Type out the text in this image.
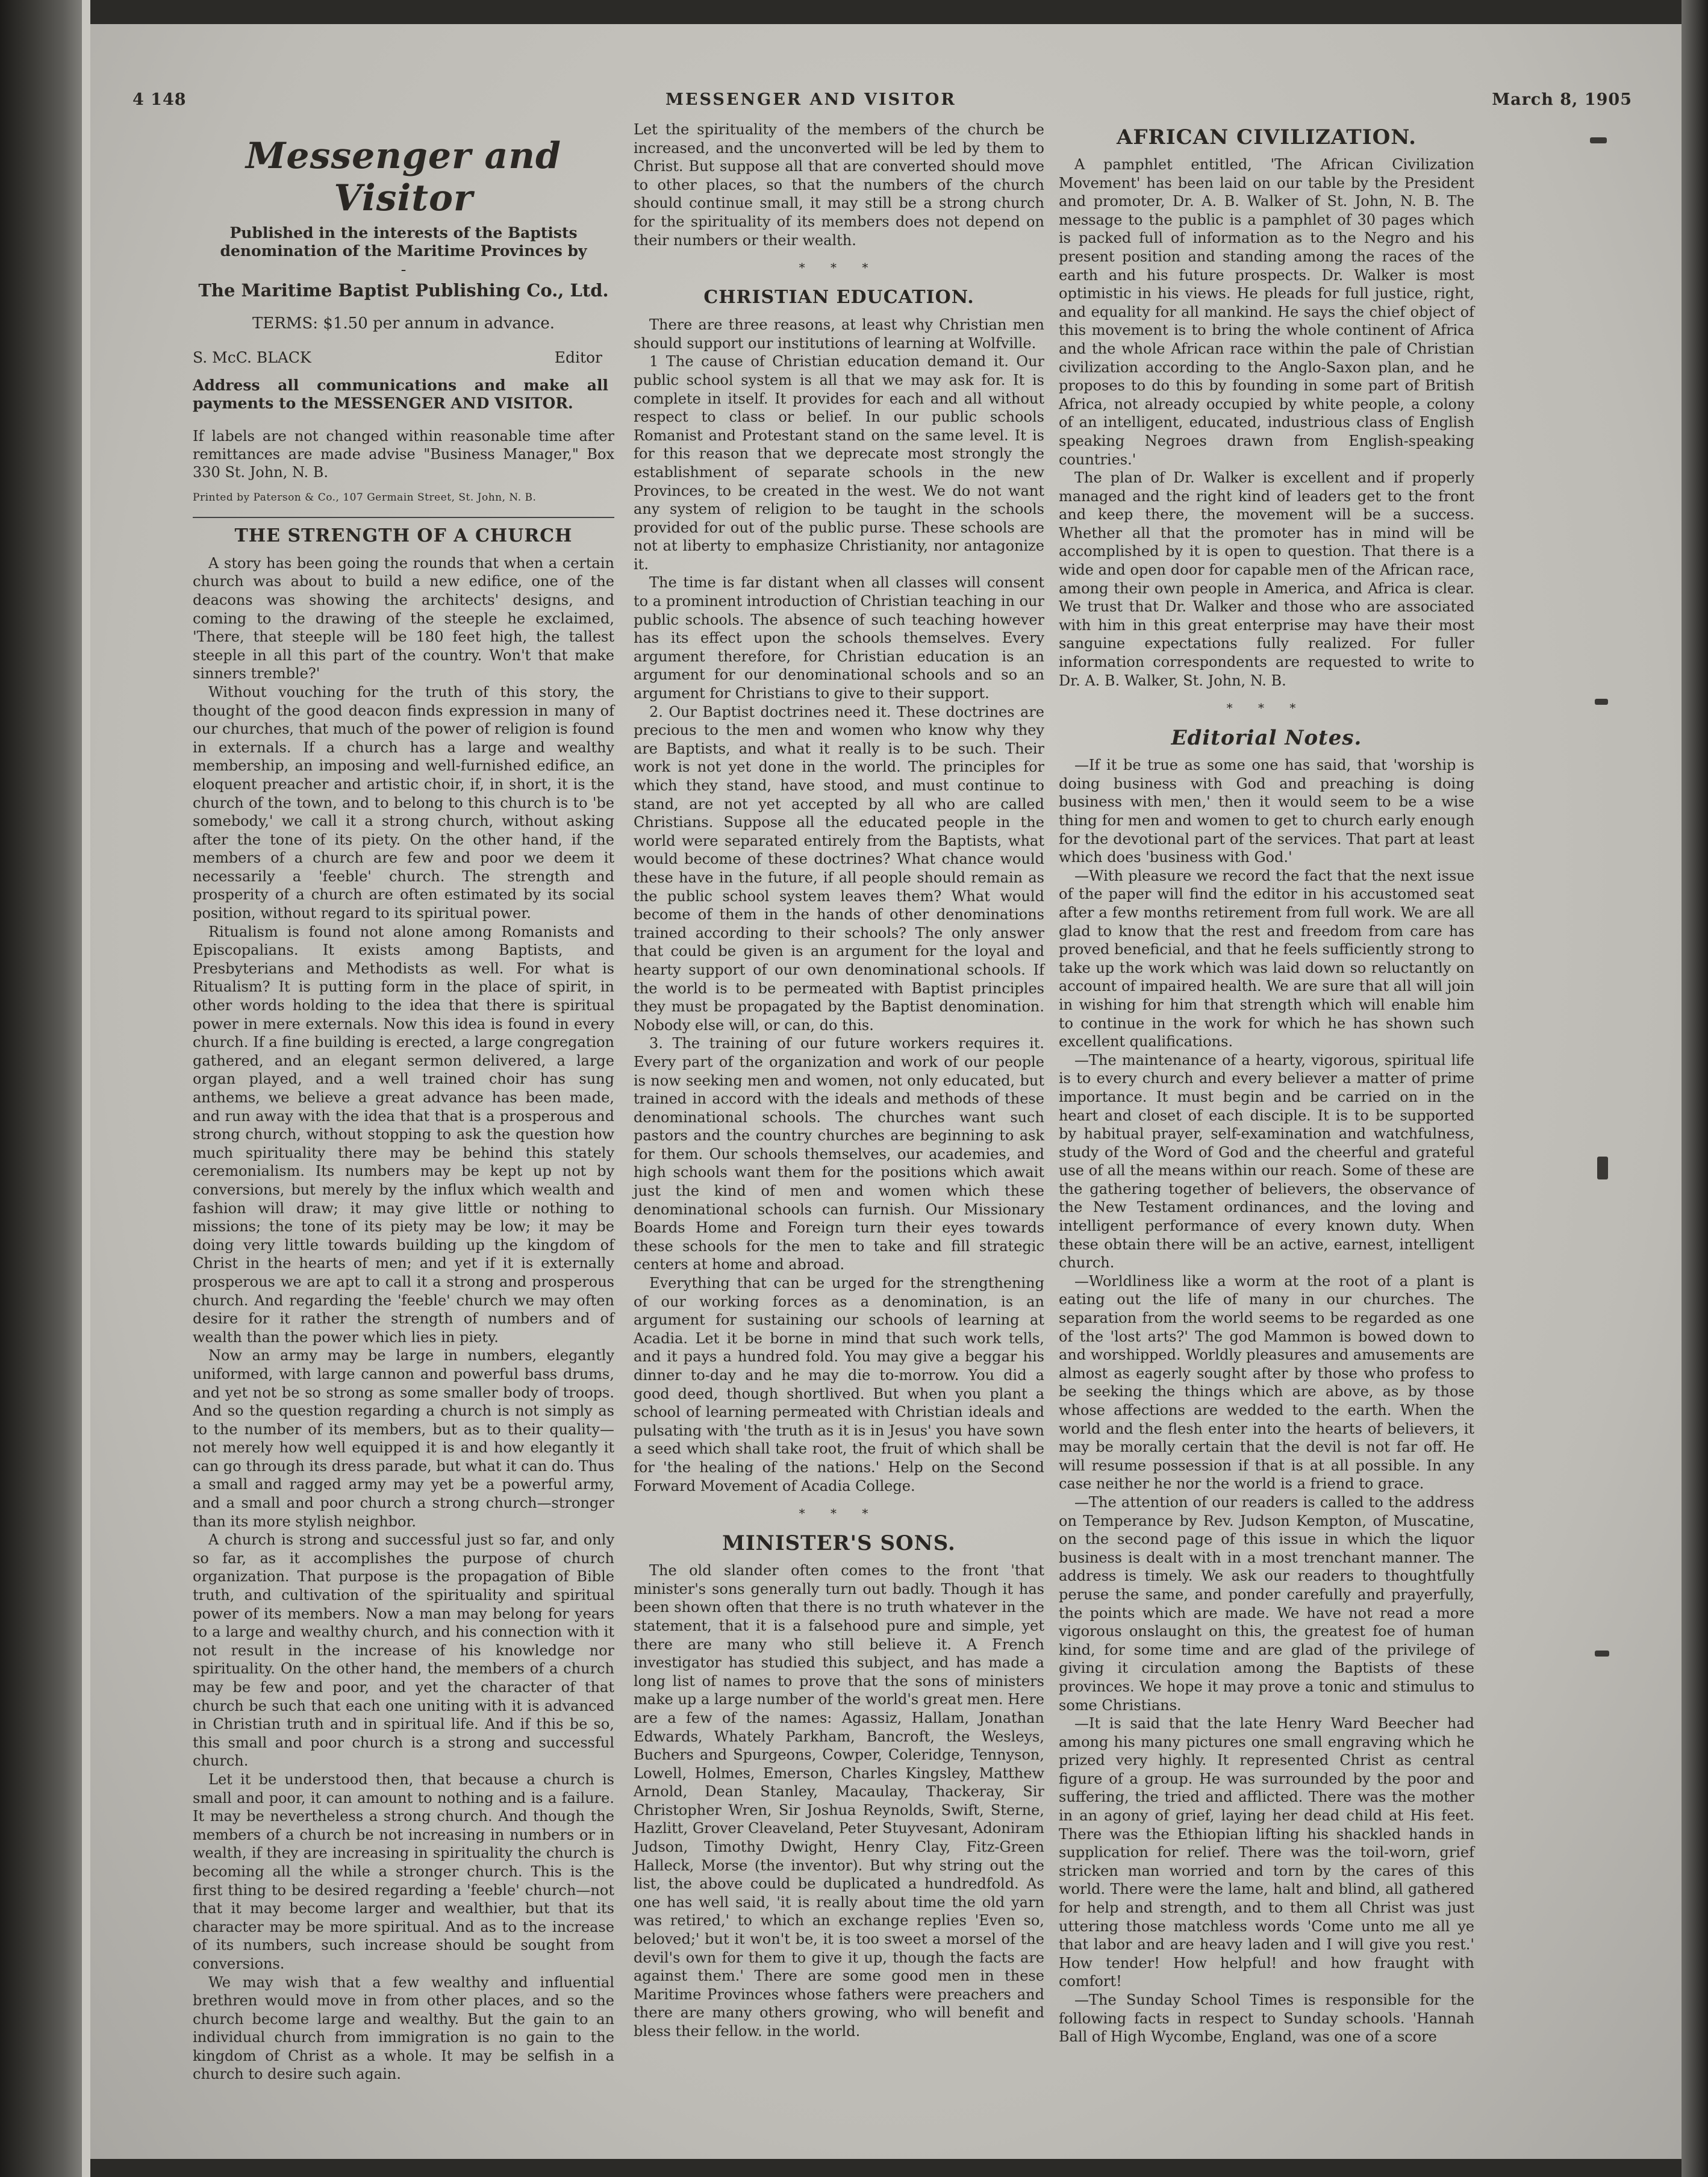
4 148	MESSENGER AND VISITOR	March 8, 1905
Messenger and Visitor
Published in the interests of the Baptists denomination of the Maritime Provinces by
-
The Maritime Baptist Publishing Co., Ltd.
TERMS: $1.50 per annum in advance.
S. McC. BLACK	Editor
Address all communications and make all payments to the MESSENGER AND VISITOR.
If labels are not changed within reasonable time after remittances are made advise "Business Manager," Box 330 St. John, N. B.
Printed by Paterson & Co., 107 Germain Street, St. John, N. B.
THE STRENGTH OF A CHURCH

A story has been going the rounds that when a certain church was about to build a new edifice, one of the deacons was showing the architects' designs, and coming to the drawing of the steeple he exclaimed, 'There, that steeple will be 180 feet high, the tallest steeple in all this part of the country. Won't that make sinners tremble?'

Without vouching for the truth of this story, the thought of the good deacon finds expression in many of our churches, that much of the power of religion is found in externals. If a church has a large and wealthy membership, an imposing and well-furnished edifice, an eloquent preacher and artistic choir, if, in short, it is the church of the town, and to belong to this church is to 'be somebody,' we call it a strong church, without asking after the tone of its piety. On the other hand, if the members of a church are few and poor we deem it necessarily a 'feeble' church. The strength and prosperity of a church are often estimated by its social position, without regard to its spiritual power.

Ritualism is found not alone among Romanists and Episcopalians. It exists among Baptists, and Presbyterians and Methodists as well. For what is Ritualism? It is putting form in the place of spirit, in other words holding to the idea that there is spiritual power in mere externals. Now this idea is found in every church. If a fine building is erected, a large congregation gathered, and an elegant sermon delivered, a large organ played, and a well trained choir has sung anthems, we believe a great advance has been made, and run away with the idea that that is a prosperous and strong church, without stopping to ask the question how much spirituality there may be behind this stately ceremonialism. Its numbers may be kept up not by conversions, but merely by the influx which wealth and fashion will draw; it may give little or nothing to missions; the tone of its piety may be low; it may be doing very little towards building up the kingdom of Christ in the hearts of men; and yet if it is externally prosperous we are apt to call it a strong and prosperous church. And regarding the 'feeble' church we may often desire for it rather the strength of numbers and of wealth than the power which lies in piety.

Now an army may be large in numbers, elegantly uniformed, with large cannon and powerful bass drums, and yet not be so strong as some smaller body of troops. And so the question regarding a church is not simply as to the number of its members, but as to their quality—not merely how well equipped it is and how elegantly it can go through its dress parade, but what it can do. Thus a small and ragged army may yet be a powerful army, and a small and poor church a strong church—stronger than its more stylish neighbor.

A church is strong and successful just so far, and only so far, as it accomplishes the purpose of church organization. That purpose is the propagation of Bible truth, and cultivation of the spirituality and spiritual power of its members. Now a man may belong for years to a large and wealthy church, and his connection with it not result in the increase of his knowledge nor spirituality. On the other hand, the members of a church may be few and poor, and yet the character of that church be such that each one uniting with it is advanced in Christian truth and in spiritual life. And if this be so, this small and poor church is a strong and successful church.

Let it be understood then, that because a church is small and poor, it can amount to nothing and is a failure. It may be nevertheless a strong church. And though the members of a church be not increasing in numbers or in wealth, if they are increasing in spirituality the church is becoming all the while a stronger church. This is the first thing to be desired regarding a 'feeble' church—not that it may become larger and wealthier, but that its character may be more spiritual. And as to the increase of its numbers, such increase should be sought from conversions.

We may wish that a few wealthy and influential brethren would move in from other places, and so the church become large and wealthy. But the gain to an individual church from immigration is no gain to the kingdom of Christ as a whole. It may be selfish in a church to desire such again.

Let the spirituality of the members of the church be increased, and the unconverted will be led by them to Christ. But suppose all that are converted should move to other places, so that the numbers of the church should continue small, it may still be a strong church for the spirituality of its members does not depend on their numbers or their wealth.

* * *
CHRISTIAN EDUCATION.

There are three reasons, at least why Christian men should support our institutions of learning at Wolfville.

1 The cause of Christian education demand it. Our public school system is all that we may ask for. It is complete in itself. It provides for each and all without respect to class or belief. In our public schools Romanist and Protestant stand on the same level. It is for this reason that we deprecate most strongly the establishment of separate schools in the new Provinces, to be created in the west. We do not want any system of religion to be taught in the schools provided for out of the public purse. These schools are not at liberty to emphasize Christianity, nor antagonize it.

The time is far distant when all classes will consent to a prominent introduction of Christian teaching in our public schools. The absence of such teaching however has its effect upon the schools themselves. Every argument therefore, for Christian education is an argument for our denominational schools and so an argument for Christians to give to their support.

2. Our Baptist doctrines need it. These doctrines are precious to the men and women who know why they are Baptists, and what it really is to be such. Their work is not yet done in the world. The principles for which they stand, have stood, and must continue to stand, are not yet accepted by all who are called Christians. Suppose all the educated people in the world were separated entirely from the Baptists, what would become of these doctrines? What chance would these have in the future, if all people should remain as the public school system leaves them? What would become of them in the hands of other denominations trained according to their schools? The only answer that could be given is an argument for the loyal and hearty support of our own denominational schools. If the world is to be permeated with Baptist principles they must be propagated by the Baptist denomination. Nobody else will, or can, do this.

3. The training of our future workers requires it. Every part of the organization and work of our people is now seeking men and women, not only educated, but trained in accord with the ideals and methods of these denominational schools. The churches want such pastors and the country churches are beginning to ask for them. Our schools themselves, our academies, and high schools want them for the positions which await just the kind of men and women which these denominational schools can furnish. Our Missionary Boards Home and Foreign turn their eyes towards these schools for the men to take and fill strategic centers at home and abroad.

Everything that can be urged for the strengthening of our working forces as a denomination, is an argument for sustaining our schools of learning at Acadia. Let it be borne in mind that such work tells, and it pays a hundred fold. You may give a beggar his dinner to-day and he may die to-morrow. You did a good deed, though shortlived. But when you plant a school of learning permeated with Christian ideals and pulsating with 'the truth as it is in Jesus' you have sown a seed which shall take root, the fruit of which shall be for 'the healing of the nations.' Help on the Second Forward Movement of Acadia College.

* * *
MINISTER'S SONS.

The old slander often comes to the front 'that minister's sons generally turn out badly. Though it has been shown often that there is no truth whatever in the statement, that it is a falsehood pure and simple, yet there are many who still believe it. A French investigator has studied this subject, and has made a long list of names to prove that the sons of ministers make up a large number of the world's great men. Here are a few of the names: Agassiz, Hallam, Jonathan Edwards, Whately Parkham, Bancroft, the Wesleys, Buchers and Spurgeons, Cowper, Coleridge, Tennyson, Lowell, Holmes, Emerson, Charles Kingsley, Matthew Arnold, Dean Stanley, Macaulay, Thackeray, Sir Christopher Wren, Sir Joshua Reynolds, Swift, Sterne, Hazlitt, Grover Cleaveland, Peter Stuyvesant, Adoniram Judson, Timothy Dwight, Henry Clay, Fitz-Green Halleck, Morse (the inventor). But why string out the list, the above could be duplicated a hundredfold. As one has well said, 'it is really about time the old yarn was retired,' to which an exchange replies 'Even so, beloved;' but it won't be, it is too sweet a morsel of the devil's own for them to give it up, though the facts are against them.' There are some good men in these Maritime Provinces whose fathers were preachers and there are many others growing, who will benefit and bless their fellow. in the world.

AFRICAN CIVILIZATION.

A pamphlet entitled, 'The African Civilization Movement' has been laid on our table by the President and promoter, Dr. A. B. Walker of St. John, N. B. The message to the public is a pamphlet of 30 pages which is packed full of information as to the Negro and his present position and standing among the races of the earth and his future prospects. Dr. Walker is most optimistic in his views. He pleads for full justice, right, and equality for all mankind. He says the chief object of this movement is to bring the whole continent of Africa and the whole African race within the pale of Christian civilization according to the Anglo-Saxon plan, and he proposes to do this by founding in some part of British Africa, not already occupied by white people, a colony of an intelligent, educated, industrious class of English speaking Negroes drawn from English-speaking countries.'

The plan of Dr. Walker is excellent and if properly managed and the right kind of leaders get to the front and keep there, the movement will be a success. Whether all that the promoter has in mind will be accomplished by it is open to question. That there is a wide and open door for capable men of the African race, among their own people in America, and Africa is clear. We trust that Dr. Walker and those who are associated with him in this great enterprise may have their most sanguine expectations fully realized. For fuller information correspondents are requested to write to Dr. A. B. Walker, St. John, N. B.

* * *
Editorial Notes.

—If it be true as some one has said, that 'worship is doing business with God and preaching is doing business with men,' then it would seem to be a wise thing for men and women to get to church early enough for the devotional part of the services. That part at least which does 'business with God.'

—With pleasure we record the fact that the next issue of the paper will find the editor in his accustomed seat after a few months retirement from full work. We are all glad to know that the rest and freedom from care has proved beneficial, and that he feels sufficiently strong to take up the work which was laid down so reluctantly on account of impaired health. We are sure that all will join in wishing for him that strength which will enable him to continue in the work for which he has shown such excellent qualifications.

—The maintenance of a hearty, vigorous, spiritual life is to every church and every believer a matter of prime importance. It must begin and be carried on in the heart and closet of each disciple. It is to be supported by habitual prayer, self-examination and watchfulness, study of the Word of God and the cheerful and grateful use of all the means within our reach. Some of these are the gathering together of believers, the observance of the New Testament ordinances, and the loving and intelligent performance of every known duty. When these obtain there will be an active, earnest, intelligent church.

—Worldliness like a worm at the root of a plant is eating out the life of many in our churches. The separation from the world seems to be regarded as one of the 'lost arts?' The god Mammon is bowed down to and worshipped. Worldly pleasures and amusements are almost as eagerly sought after by those who profess to be seeking the things which are above, as by those whose affections are wedded to the earth. When the world and the flesh enter into the hearts of believers, it may be morally certain that the devil is not far off. He will resume possession if that is at all possible. In any case neither he nor the world is a friend to grace.

—The attention of our readers is called to the address on Temperance by Rev. Judson Kempton, of Muscatine, on the second page of this issue in which the liquor business is dealt with in a most trenchant manner. The address is timely. We ask our readers to thoughtfully peruse the same, and ponder carefully and prayerfully, the points which are made. We have not read a more vigorous onslaught on this, the greatest foe of human kind, for some time and are glad of the privilege of giving it circulation among the Baptists of these provinces. We hope it may prove a tonic and stimulus to some Christians.

—It is said that the late Henry Ward Beecher had among his many pictures one small engraving which he prized very highly. It represented Christ as central figure of a group. He was surrounded by the poor and suffering, the tried and afflicted. There was the mother in an agony of grief, laying her dead child at His feet. There was the Ethiopian lifting his shackled hands in supplication for relief. There was the toil-worn, grief stricken man worried and torn by the cares of this world. There were the lame, halt and blind, all gathered for help and strength, and to them all Christ was just uttering those matchless words 'Come unto me all ye that labor and are heavy laden and I will give you rest.' How tender! How helpful! and how fraught with comfort!

—The Sunday School Times is responsible for the following facts in respect to Sunday schools. 'Hannah Ball of High Wycombe, England, was one of a score
